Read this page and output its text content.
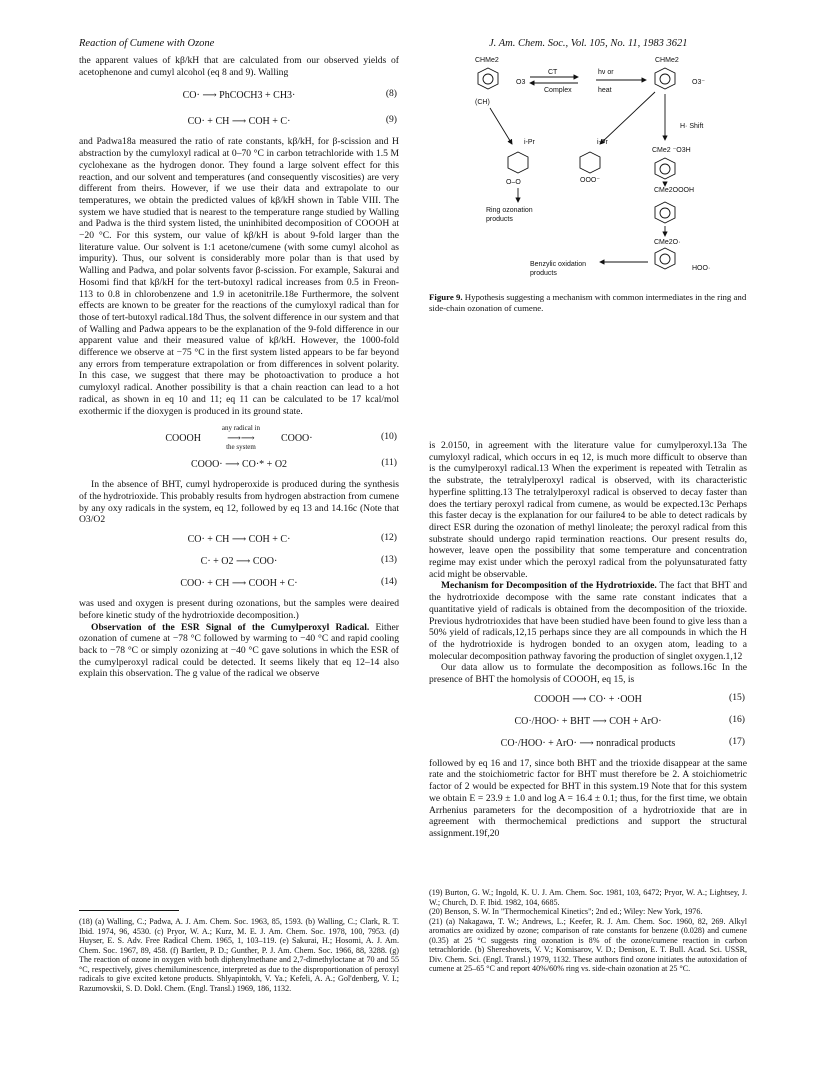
Reaction of Cumene with Ozone	J. Am. Chem. Soc., Vol. 105, No. 11, 1983 3621

the apparent values of kβ/kH that are calculated from our observed yields of acetophenone and cumyl alcohol (eq 8 and 9). Walling

CO· ⟶ PhCOCH3 + CH3·	(8)
CO· + CH ⟶ COH + C·	(9)

and Padwa18a measured the ratio of rate constants, kβ/kH, for β-scission and H abstraction by the cumyloxyl radical at 0–70 °C in carbon tetrachloride with 1.5 M cyclohexane as the hydrogen donor. They found a large solvent effect for this reaction, and our solvent and temperatures (and consequently viscosities) are very different from theirs. However, if we use their data and extrapolate to our temperatures, we obtain the predicted values of kβ/kH shown in Table VIII. The system we have studied that is nearest to the temperature range studied by Walling and Padwa is the third system listed, the uninhibited decomposition of COOOH at −20 °C. For this system, our value of kβ/kH is about 9-fold larger than the literature value. Our solvent is 1:1 acetone/cumene (with some cumyl alcohol as impurity). Thus, our solvent is considerably more polar than is that used by Walling and Padwa, and polar solvents favor β-scission. For example, Sakurai and Hosomi find that kβ/kH for the tert-butoxyl radical increases from 0.5 in Freon-113 to 0.8 in chlorobenzene and 1.9 in acetonitrile.18e Furthermore, the solvent effects are known to be greater for the reactions of the cumyloxyl radical than for those of tert-butoxyl radical.18d Thus, the solvent difference in our system and that of Walling and Padwa appears to be the explanation of the 9-fold difference in our apparent value and their measured value of kβ/kH. However, the 1000-fold difference we observe at −75 °C in the first system listed appears to be far beyond any errors from temperature extrapolation or from differences in solvent polarity. In this case, we suggest that there may be photoactivation to produce a hot cumyloxyl radical. Another possibility is that a chain reaction can lead to a hot radical, as shown in eq 10 and 11; eq 11 can be calculated to be 17 kcal/mol exothermic if the dioxygen is produced in its ground state.

COOOH
any radical in
⟶⟶
the system
COOO·	(10)
COOO· ⟶ CO·* + O2	(11)

In the absence of BHT, cumyl hydroperoxide is produced during the synthesis of the hydrotrioxide. This probably results from hydrogen abstraction from cumene by any oxy radicals in the system, eq 12, followed by eq 13 and 14.16c (Note that O3/O2

CO· + CH ⟶ COH + C·	(12)
C· + O2 ⟶ COO·	(13)
COO· + CH ⟶ COOH + C·	(14)

was used and oxygen is present during ozonations, but the samples were deaired before kinetic study of the hydrotrioxide decomposition.)

Observation of the ESR Signal of the Cumylperoxyl Radical. Either ozonation of cumene at −78 °C followed by warming to −40 °C and rapid cooling back to −78 °C or simply ozonizing at −40 °C gave solutions in which the ESR of the cumylperoxyl radical could be detected. It seems likely that eq 12–14 also explain this observation. The g value of the radical we observe

CHMe2	CHMe2
(CH)
O3
CT
Complex
hν or
heat
O3⁻
H· Shift
CMe2 ⁻O3H
i-Pr	i-Pr
OOO⁻
O–O
Ring ozonation
products
CMe2OOOH
CMe2O·
Benzylic oxidation
products
HOO·
Figure 9. Hypothesis suggesting a mechanism with common intermediates in the ring and side-chain ozonation of cumene.

is 2.0150, in agreement with the literature value for cumylperoxyl.13a The cumyloxyl radical, which occurs in eq 12, is much more difficult to observe than is the cumylperoxyl radical.13 When the experiment is repeated with Tetralin as the substrate, the tetralylperoxyl radical is observed, with its characteristic hyperfine splitting.13 The tetralylperoxyl radical is observed to decay faster than does the tertiary peroxyl radical from cumene, as would be expected.13c Perhaps this faster decay is the explanation for our failure4 to be able to detect radicals by direct ESR during the ozonation of methyl linoleate; the peroxyl radical from this substrate should undergo rapid termination reactions. Our present results do, however, leave open the possibility that some temperature and concentration regime may exist under which the peroxyl radical from the polyunsaturated fatty acid might be observable.

Mechanism for Decomposition of the Hydrotrioxide. The fact that BHT and the hydrotrioxide decompose with the same rate constant indicates that a quantitative yield of radicals is obtained from the decomposition of the trioxide. Previous hydrotrioxides that have been studied have been found to give less than a 50% yield of radicals,12,15 perhaps since they are all compounds in which the H of the hydrotrioxide is hydrogen bonded to an oxygen atom, leading to a molecular decomposition pathway favoring the production of singlet oxygen.1,12

Our data allow us to formulate the decomposition as follows.16c In the presence of BHT the homolysis of COOOH, eq 15, is

COOOH ⟶ CO· + ·OOH	(15)
CO·/HOO· + BHT ⟶ COH + ArO·	(16)
CO·/HOO· + ArO· ⟶ nonradical products	(17)

followed by eq 16 and 17, since both BHT and the trioxide disappear at the same rate and the stoichiometric factor for BHT must therefore be 2. A stoichiometric factor of 2 would be expected for BHT in this system.19 Note that for this system we obtain E = 23.9 ± 1.0 and log A = 16.4 ± 0.1; thus, for the first time, we obtain Arrhenius parameters for the decomposition of a hydrotrioxide that are in agreement with thermochemical predictions and support the structural assignment.19f,20

(18) (a) Walling, C.; Padwa, A. J. Am. Chem. Soc. 1963, 85, 1593. (b) Walling, C.; Clark, R. T. Ibid. 1974, 96, 4530. (c) Pryor, W. A.; Kurz, M. E. J. Am. Chem. Soc. 1978, 100, 7953. (d) Huyser, E. S. Adv. Free Radical Chem. 1965, 1, 103–119. (e) Sakurai, H.; Hosomi, A. J. Am. Chem. Soc. 1967, 89, 458. (f) Bartlett, P. D.; Gunther, P. J. Am. Chem. Soc. 1966, 88, 3288. (g) The reaction of ozone in oxygen with both diphenylmethane and 2,7-dimethyloctane at 70 and 55 °C, respectively, gives chemiluminescence, interpreted as due to the disproportionation of peroxyl radicals to give excited ketone products. Shlyapintokh, V. Ya.; Kefeli, A. A.; Gol'denberg, V. I.; Razumovskii, S. D. Dokl. Chem. (Engl. Transl.) 1969, 186, 1132.

(19) Burton, G. W.; Ingold, K. U. J. Am. Chem. Soc. 1981, 103, 6472; Pryor, W. A.; Lightsey, J. W.; Church, D. F. Ibid. 1982, 104, 6685.

(20) Benson, S. W. In "Thermochemical Kinetics"; 2nd ed.; Wiley: New York, 1976.

(21) (a) Nakagawa, T. W.; Andrews, L.; Keefer, R. J. Am. Chem. Soc. 1960, 82, 269. Alkyl aromatics are oxidized by ozone; comparison of rate constants for benzene (0.028) and cumene (0.35) at 25 °C suggests ring ozonation is 8% of the ozone/cumene reaction in carbon tetrachloride. (b) Shereshovets, V. V.; Komisarov, V. D.; Denison, E. T. Bull. Acad. Sci. USSR, Div. Chem. Sci. (Engl. Transl.) 1979, 1132. These authors find ozone initiates the autoxidation of cumene at 25–65 °C and report 40%/60% ring vs. side-chain ozonation at 25 °C.
